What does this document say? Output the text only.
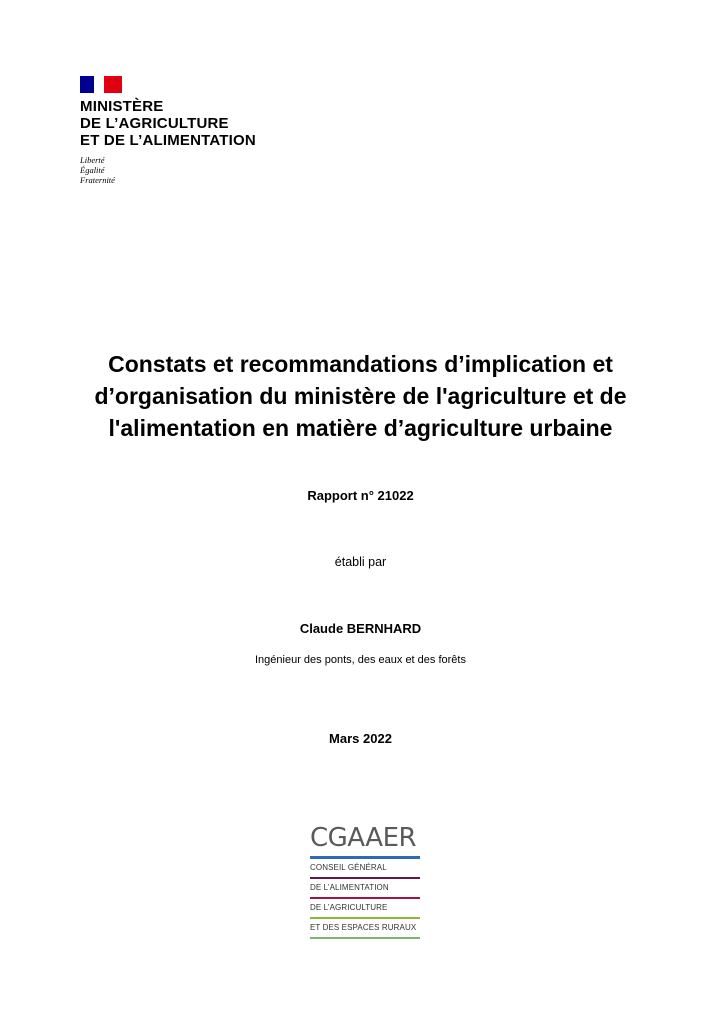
MINISTÈRE
DE L’AGRICULTURE
ET DE L’ALIMENTATION
Liberté
Égalité
Fraternité
Constats et recommandations d’implication et
d’organisation du ministère de l'agriculture et de
l'alimentation en matière d’agriculture urbaine
Rapport n° 21022
établi par
Claude BERNHARD
Ingénieur des ponts, des eaux et des forêts
Mars 2022
CGAAER
CONSEIL GÉNÉRAL
DE L’ALIMENTATION
DE L’AGRICULTURE
ET DES ESPACES RURAUX
